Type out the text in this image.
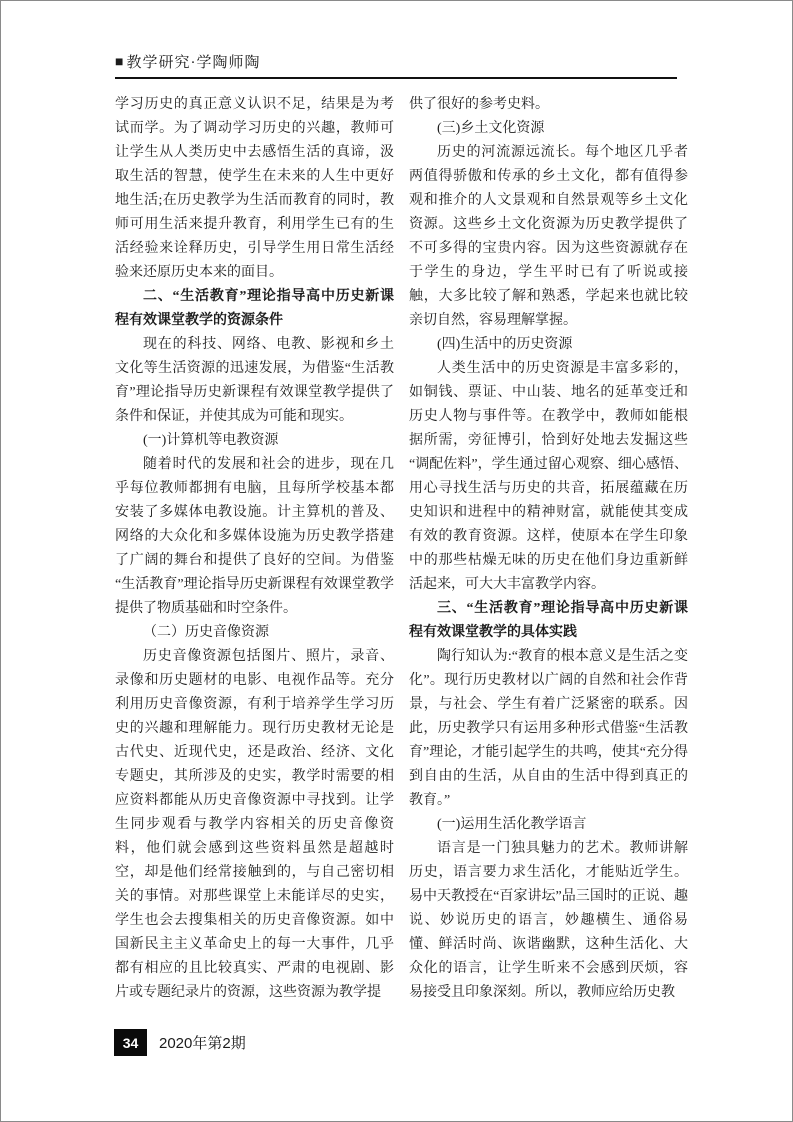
■ 教学研究·学陶师陶

学习历史的真正意义认识不足，结果是为考试而学。为了调动学习历史的兴趣，教师可让学生从人类历史中去感悟生活的真谛，汲取生活的智慧，使学生在未来的人生中更好地生活;在历史教学为生活而教育的同时，教师可用生活来提升教育，利用学生已有的生活经验来诠释历史，引导学生用日常生活经验来还原历史本来的面目。

二、“生活教育”理论指导高中历史新课程有效课堂教学的资源条件

现在的科技、网络、电教、影视和乡土文化等生活资源的迅速发展，为借鉴“生活教育”理论指导历史新课程有效课堂教学提供了条件和保证，并使其成为可能和现实。

(一)计算机等电教资源

随着时代的发展和社会的进步，现在几乎每位教师都拥有电脑，且每所学校基本都安装了多媒体电教设施。计主算机的普及、网络的大众化和多媒体设施为历史教学搭建了广阔的舞台和提供了良好的空间。为借鉴“生活教育”理论指导历史新课程有效课堂教学提供了物质基础和时空条件。

（二）历史音像资源

历史音像资源包括图片、照片，录音、录像和历史题材的电影、电视作品等。充分利用历史音像资源，有利于培养学生学习历史的兴趣和理解能力。现行历史教材无论是古代史、近现代史，还是政治、经济、文化专题史，其所涉及的史实，教学时需要的相应资料都能从历史音像资源中寻找到。让学生同步观看与教学内容相关的历史音像资料，他们就会感到这些资料虽然是超越时空，却是他们经常接触到的，与自己密切相关的事情。对那些课堂上未能详尽的史实，学生也会去搜集相关的历史音像资源。如中国新民主主义革命史上的每一大事件，几乎都有相应的且比较真实、严肃的电视剧、影片或专题纪录片的资源，这些资源为教学提

供了很好的参考史料。

(三)乡土文化资源

历史的河流源远流长。每个地区几乎者两值得骄傲和传承的乡土文化，都有值得参观和推介的人文景观和自然景观等乡土文化资源。这些乡土文化资源为历史教学提供了不可多得的宝贵内容。因为这些资源就存在于学生的身边，学生平时已有了听说或接触，大多比较了解和熟悉，学起来也就比较亲切自然，容易理解掌握。

(四)生活中的历史资源

人类生活中的历史资源是丰富多彩的，如铜钱、票证、中山装、地名的延革变迁和历史人物与事件等。在教学中，教师如能根据所需，旁征博引，恰到好处地去发掘这些“调配佐料”，学生通过留心观察、细心感悟、用心寻找生活与历史的共音，拓展蕴藏在历史知识和进程中的精神财富，就能使其变成有效的教育资源。这样，使原本在学生印象中的那些枯燥无味的历史在他们身边重新鲜活起来，可大大丰富教学内容。

三、“生活教育”理论指导高中历史新课程有效课堂教学的具体实践

陶行知认为:“教育的根本意义是生活之变化”。现行历史教材以广阔的自然和社会作背景，与社会、学生有着广泛紧密的联系。因此，历史教学只有运用多种形式借鉴“生活教育”理论，才能引起学生的共鸣，使其“充分得到自由的生活，从自由的生活中得到真正的教育。”

(一)运用生活化教学语言

语言是一门独具魅力的艺术。教师讲解历史，语言要力求生活化，才能贴近学生。易中天教授在“百家讲坛”品三国时的正说、趣说、妙说历史的语言，妙趣横生、通俗易懂、鲜活时尚、诙谐幽默，这种生活化、大众化的语言，让学生昕来不会感到厌烦，容易接受且印象深刻。所以，教师应给历史教

34	2020年第2期
